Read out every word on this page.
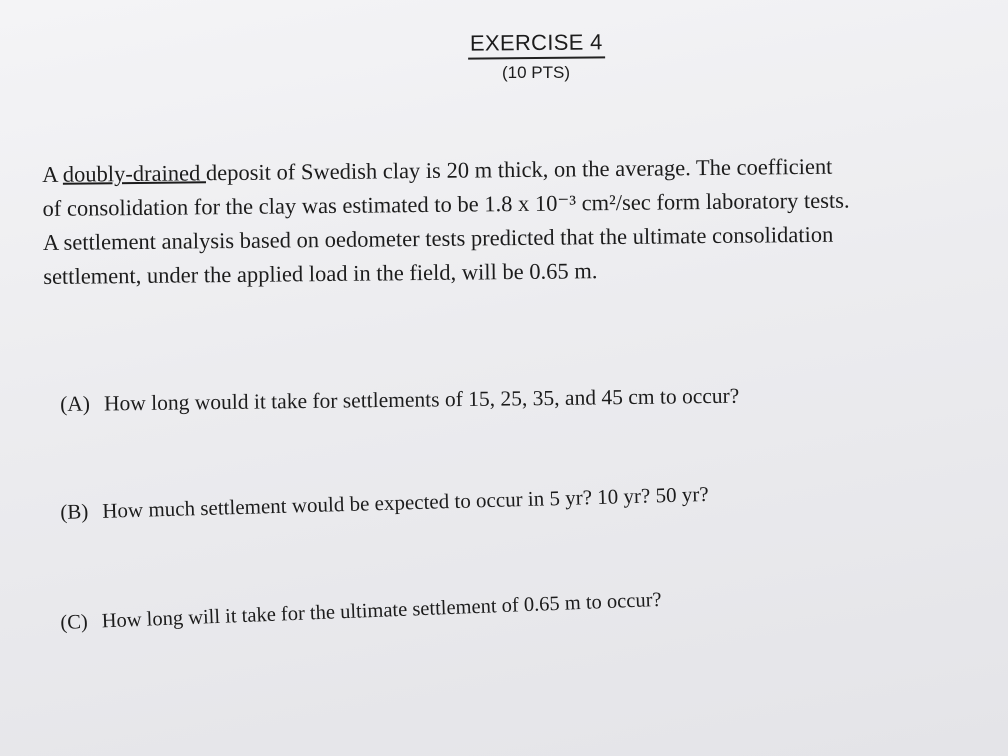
EXERCISE 4
(10 PTS)
A doubly-drained deposit of Swedish clay is 20 m thick, on the average. The coefficient
of consolidation for the clay was estimated to be 1.8 x 10⁻³ cm²/sec form laboratory tests.
A settlement analysis based on oedometer tests predicted that the ultimate consolidation
settlement, under the applied load in the field, will be 0.65 m.
(A) How long would it take for settlements of 15, 25, 35, and 45 cm to occur?
(B) How much settlement would be expected to occur in 5 yr? 10 yr? 50 yr?
(C) How long will it take for the ultimate settlement of 0.65 m to occur?
